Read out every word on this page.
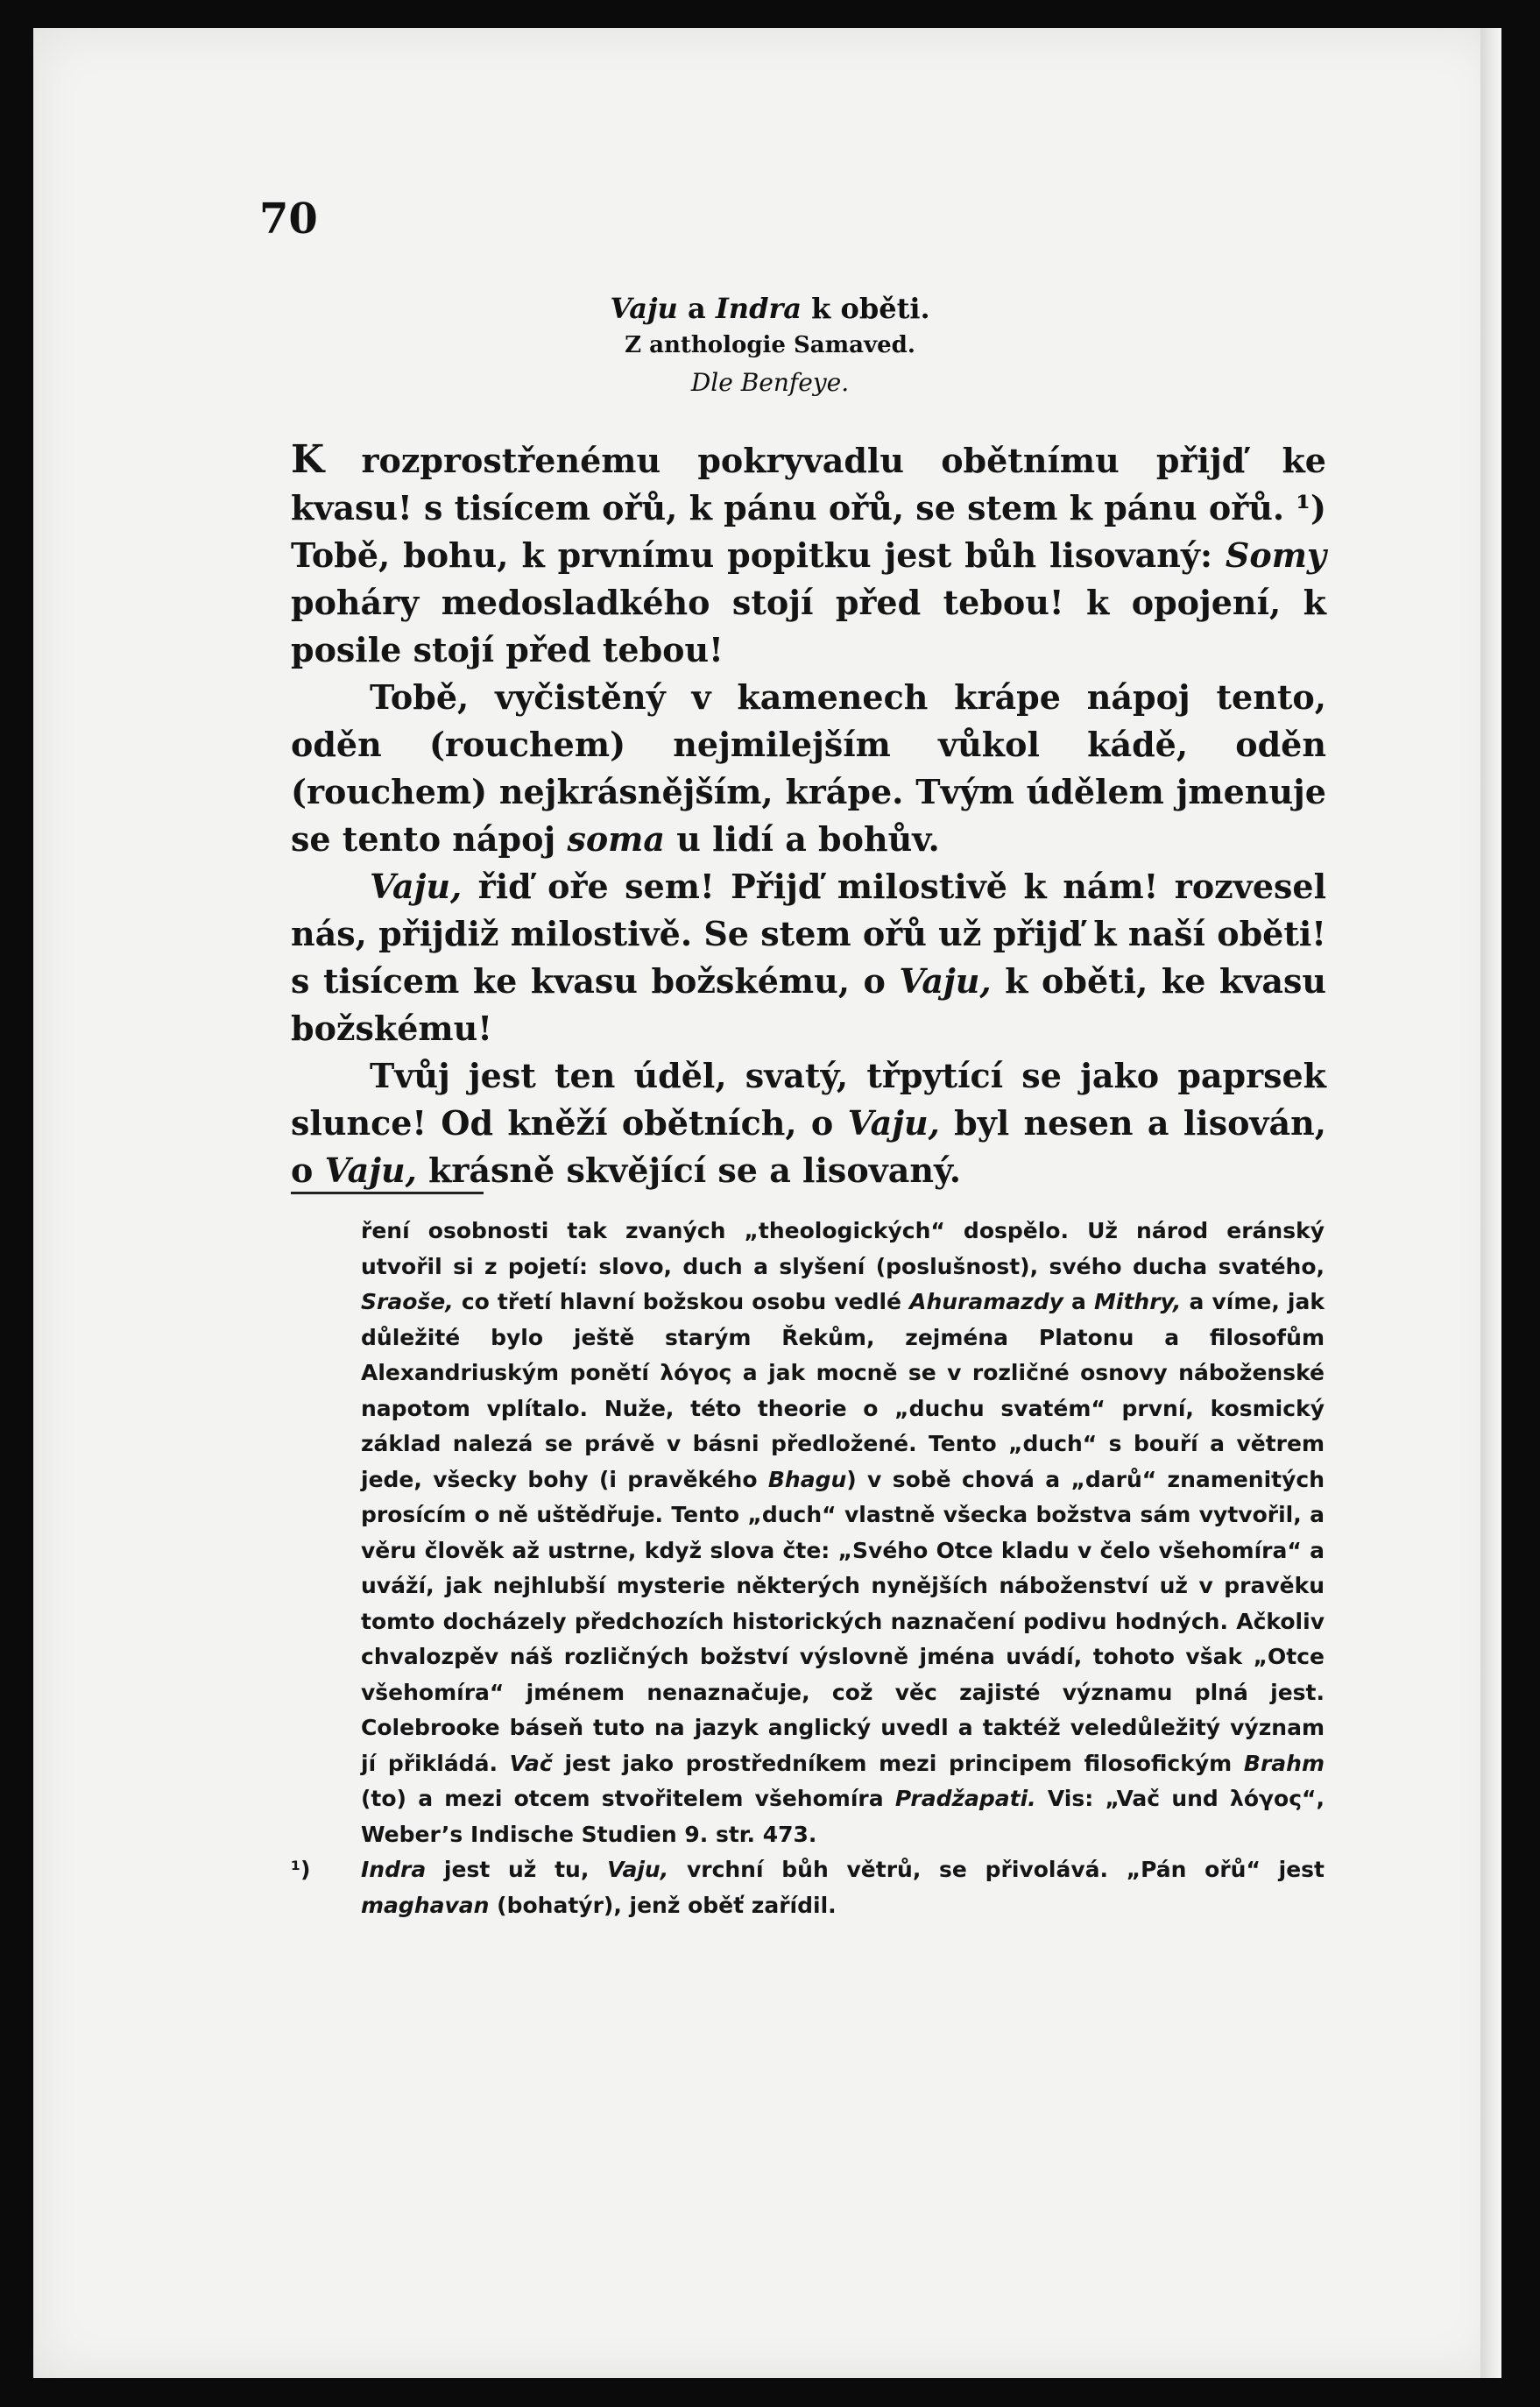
70
Vaju a Indra k oběti.
Z anthologie Samaved.
Dle Benfeye.

K rozprostřenému pokryvadlu obětnímu přijď ke kvasu! s tisícem ořů, k pánu ořů, se stem k pánu ořů. ¹) Tobě, bohu, k prvnímu popitku jest bůh lisovaný: Somy poháry medosladkého stojí před tebou! k opojení, k posile stojí před tebou!

Tobě, vyčistěný v kamenech krápe nápoj tento, oděn (rouchem) nejmilejším vůkol kádě, oděn (rouchem) nejkrásnějším, krápe. Tvým údělem jmenuje se tento nápoj soma u lidí a bohův.

Vaju, řiď oře sem! Přijď milostivě k nám! rozvesel nás, přijdiž milostivě. Se stem ořů už přijď k naší oběti! s tisícem ke kvasu božskému, o Vaju, k oběti, ke kvasu božskému!

Tvůj jest ten úděl, svatý, třpytící se jako paprsek slunce! Od kněží obětních, o Vaju, byl nesen a lisován, o Vaju, krásně skvějící se a lisovaný.

ření osobnosti tak zvaných „theologických“ dospělo. Už národ eránský utvořil si z pojetí: slovo, duch a slyšení (poslušnost), svého ducha svatého, Sraoše, co třetí hlavní božskou osobu vedlé Ahuramazdy a Mithry, a víme, jak důležité bylo ještě starým Řekům, zejména Platonu a filosofům Alexandriuským ponětí λόγος a jak mocně se v rozličné osnovy náboženské napotom vplítalo. Nuže, této theorie o „duchu svatém“ první, kosmický základ nalezá se právě v básni předložené. Tento „duch“ s bouří a větrem jede, všecky bohy (i pravěkého Bhagu) v sobě chová a „darů“ znamenitých prosícím o ně uštědřuje. Tento „duch“ vlastně všecka božstva sám vytvořil, a věru člověk až ustrne, když slova čte: „Svého Otce kladu v čelo všehomíra“ a uváží, jak nejhlubší mysterie některých nynějších náboženství už v pravěku tomto docházely předchozích historických naznačení podivu hodných. Ačkoliv chvalozpěv náš rozličných božství výslovně jména uvádí, tohoto však „Otce všehomíra“ jménem nenaznačuje, což věc zajisté významu plná jest. Colebrooke báseň tuto na jazyk anglický uvedl a taktéž veledůležitý význam jí přikládá. Vač jest jako prostředníkem mezi principem filosofickým Brahm (to) a mezi otcem stvořitelem všehomíra Pradžapati. Vis: „Vač und λόγος“, Weber’s Indische Studien 9. str. 473.

¹) Indra jest už tu, Vaju, vrchní bůh větrů, se přivolává. „Pán ořů“ jest maghavan (bohatýr), jenž oběť zařídil.
